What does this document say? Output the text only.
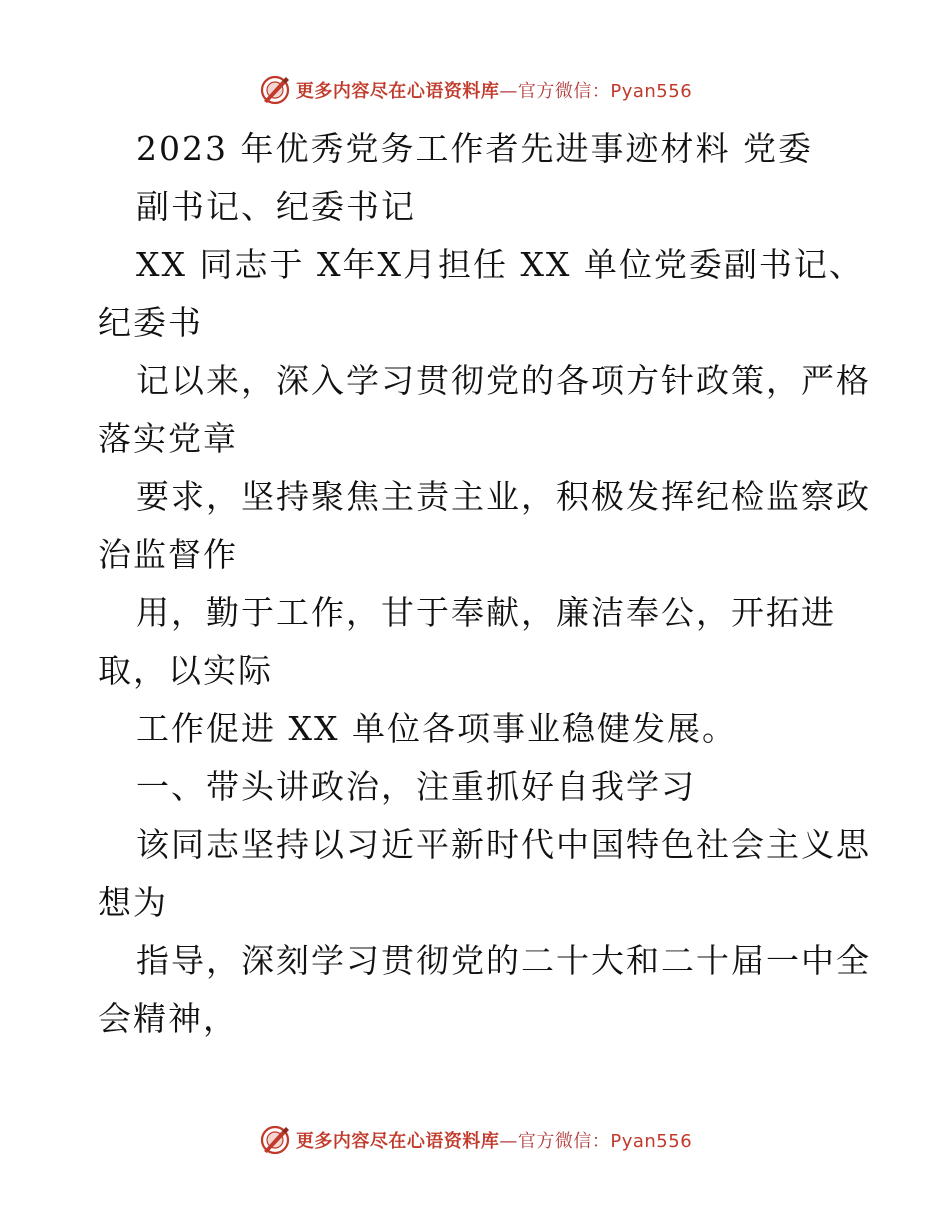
更多内容尽在心语资料库—官方微信：Pyan556
2023 年优秀党务工作者先进事迹材料 党委
副书记、纪委书记
XX 同志于 X年X月担任 XX 单位党委副书记、
纪委书
记以来，深入学习贯彻党的各项方针政策，严格
落实党章
要求，坚持聚焦主责主业，积极发挥纪检监察政
治监督作
用，勤于工作，甘于奉献，廉洁奉公，开拓进
取，以实际
工作促进 XX 单位各项事业稳健发展。
一、带头讲政治，注重抓好自我学习
该同志坚持以习近平新时代中国特色社会主义思
想为
指导，深刻学习贯彻党的二十大和二十届一中全
会精神，
更多内容尽在心语资料库—官方微信：Pyan556
